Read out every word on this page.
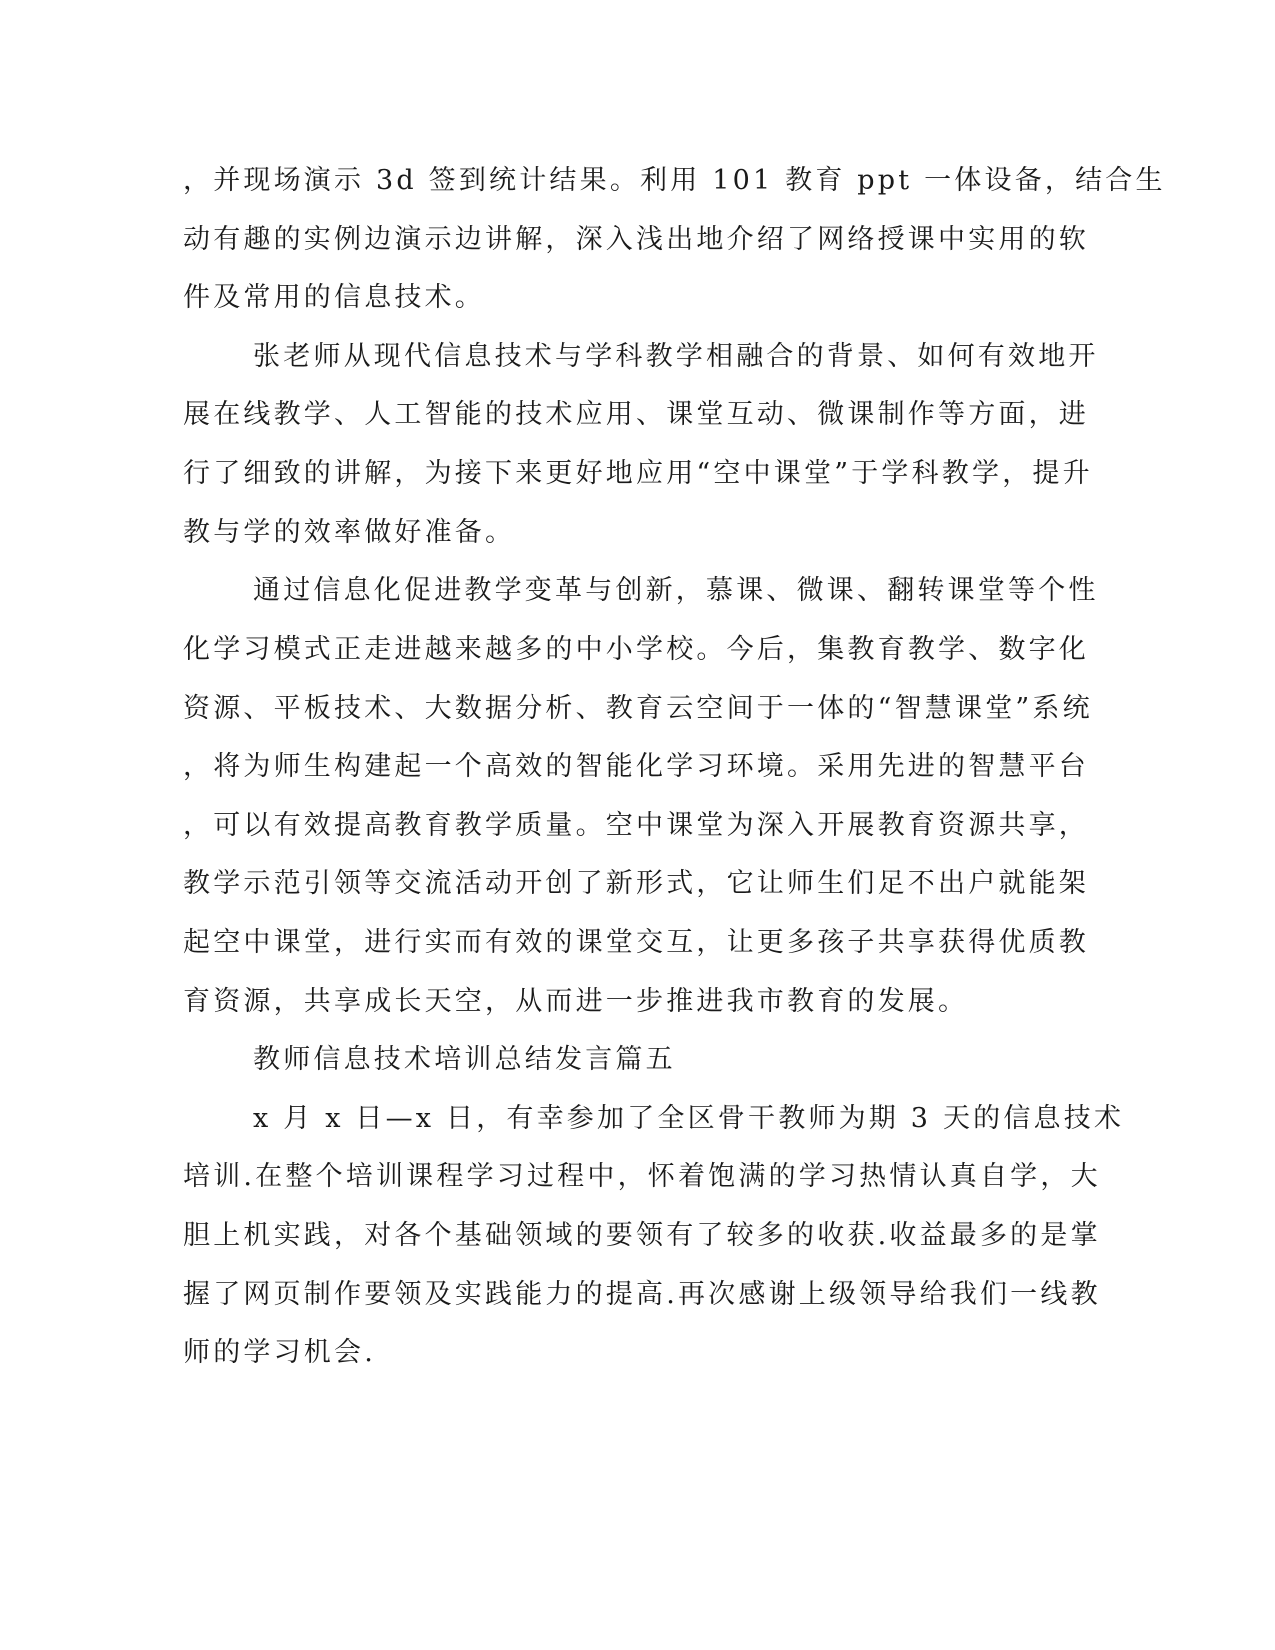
，并现场演示 3d 签到统计结果。利用 101 教育 ppt 一体设备，结合生
动有趣的实例边演示边讲解，深入浅出地介绍了网络授课中实用的软
件及常用的信息技术。
张老师从现代信息技术与学科教学相融合的背景、如何有效地开
展在线教学、人工智能的技术应用、课堂互动、微课制作等方面，进
行了细致的讲解，为接下来更好地应用“空中课堂”于学科教学，提升
教与学的效率做好准备。
通过信息化促进教学变革与创新，慕课、微课、翻转课堂等个性
化学习模式正走进越来越多的中小学校。今后，集教育教学、数字化
资源、平板技术、大数据分析、教育云空间于一体的“智慧课堂”系统
，将为师生构建起一个高效的智能化学习环境。采用先进的智慧平台
，可以有效提高教育教学质量。空中课堂为深入开展教育资源共享，
教学示范引领等交流活动开创了新形式，它让师生们足不出户就能架
起空中课堂，进行实而有效的课堂交互，让更多孩子共享获得优质教
育资源，共享成长天空，从而进一步推进我市教育的发展。
教师信息技术培训总结发言篇五
x 月 x 日—x 日，有幸参加了全区骨干教师为期 3 天的信息技术
培训.在整个培训课程学习过程中，怀着饱满的学习热情认真自学，大
胆上机实践，对各个基础领域的要领有了较多的收获.收益最多的是掌
握了网页制作要领及实践能力的提高.再次感谢上级领导给我们一线教
师的学习机会.
